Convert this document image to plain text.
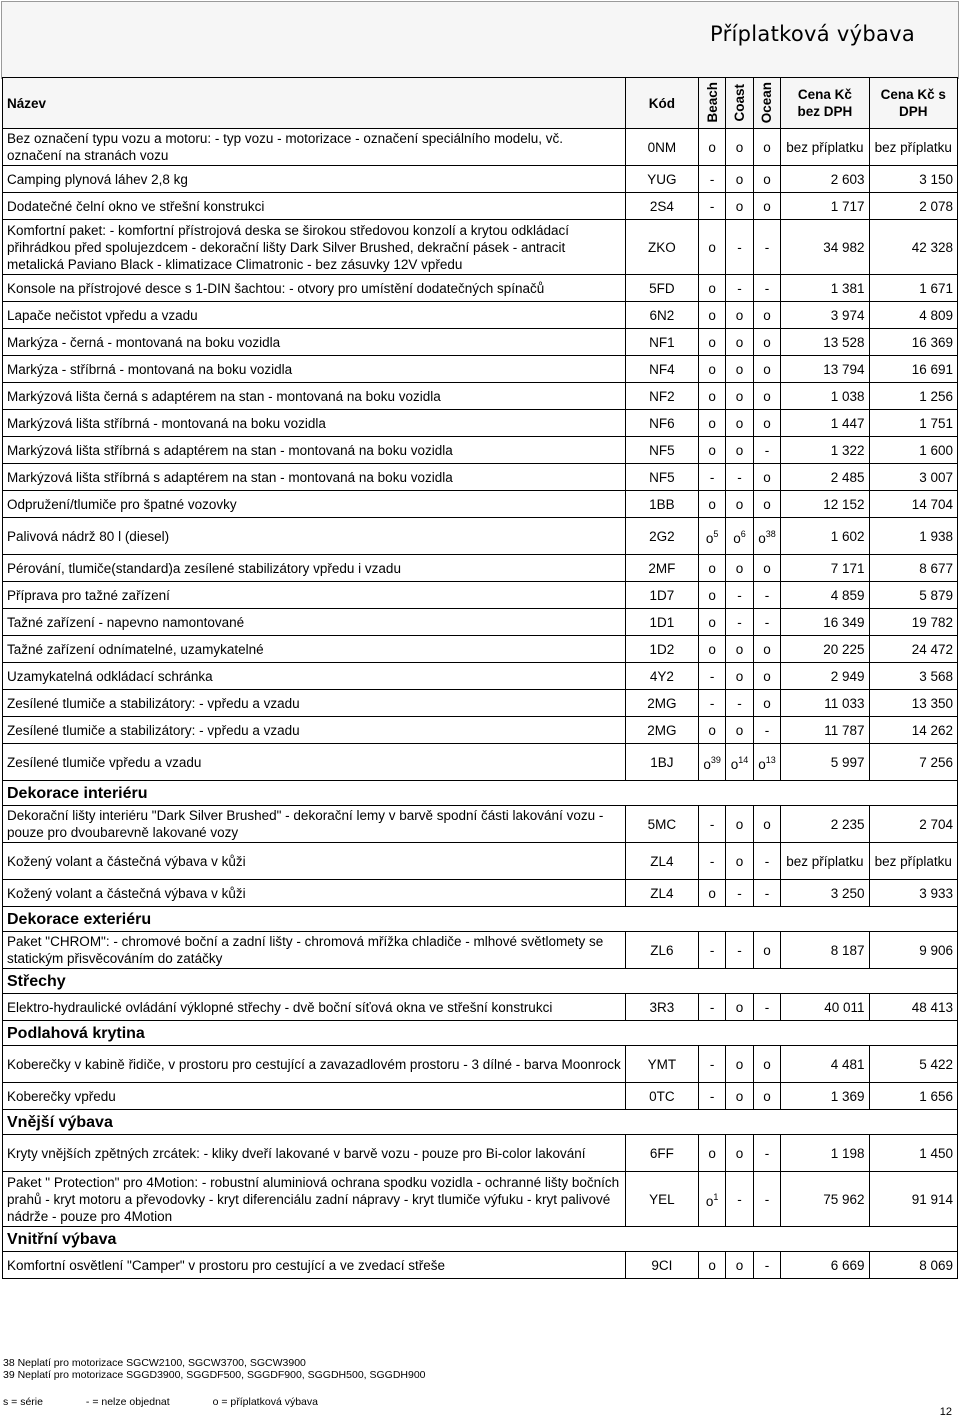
Příplatková výbava
Název	Kód	Beach	Coast	Ocean	Cena Kč bez DPH	Cena Kč s DPH
Bez označení typu vozu a motoru: - typ vozu - motorizace - označení speciálního modelu, vč. označení na stranách vozu	0NM	o	o	o	bez příplatku	bez příplatku
Camping plynová láhev 2,8 kg	YUG	-	o	o	2 603	3 150
Dodatečné čelní okno ve střešní konstrukci	2S4	-	o	o	1 717	2 078
Komfortní paket: - komfortní přístrojová deska se širokou středovou konzolí a krytou odkládací přihrádkou před spolujezdcem - dekorační lišty Dark Silver Brushed, dekrační pásek - antracit metalická Paviano Black - klimatizace Climatronic - bez zásuvky 12V vpředu	ZKO	o	-	-	34 982	42 328
Konsole na přístrojové desce s 1-DIN šachtou: - otvory pro umístění dodatečných spínačů	5FD	o	-	-	1 381	1 671
Lapače nečistot vpředu a vzadu	6N2	o	o	o	3 974	4 809
Markýza - černá - montovaná na boku vozidla	NF1	o	o	o	13 528	16 369
Markýza - stříbrná - montovaná na boku vozidla	NF4	o	o	o	13 794	16 691
Markýzová lišta černá s adaptérem na stan - montovaná na boku vozidla	NF2	o	o	o	1 038	1 256
Markýzová lišta stříbrná - montovaná na boku vozidla	NF6	o	o	o	1 447	1 751
Markýzová lišta stříbrná s adaptérem na stan - montovaná na boku vozidla	NF5	o	o	-	1 322	1 600
Markýzová lišta stříbrná s adaptérem na stan - montovaná na boku vozidla	NF5	-	-	o	2 485	3 007
Odpružení/tlumiče pro špatné vozovky	1BB	o	o	o	12 152	14 704
Palivová nádrž 80 l (diesel)	2G2	$o^5$	$o^6$	$o^{38}$	1 602	1 938
Pérování, tlumiče(standard)a zesílené stabilizátory vpředu i vzadu	2MF	o	o	o	7 171	8 677
Příprava pro tažné zařízení	1D7	o	-	-	4 859	5 879
Tažné zařízení - napevno namontované	1D1	o	-	-	16 349	19 782
Tažné zařízení odnímatelné, uzamykatelné	1D2	o	o	o	20 225	24 472
Uzamykatelná odkládací schránka	4Y2	-	o	o	2 949	3 568
Zesílené tlumiče a stabilizátory: - vpředu a vzadu	2MG	-	-	o	11 033	13 350
Zesílené tlumiče a stabilizátory: - vpředu a vzadu	2MG	o	o	-	11 787	14 262
Zesílené tlumiče vpředu a vzadu	1BJ	$o^{39}$	$o^{14}$	$o^{13}$	5 997	7 256
Dekorace interiéru						
Dekorační lišty interiéru "Dark Silver Brushed" - dekorační lemy v barvě spodní části lakování vozu - pouze pro dvoubarevně lakované vozy	5MC	-	o	o	2 235	2 704
Kožený volant a částečná výbava v kůži	ZL4	-	o	-	bez příplatku	bez příplatku
Kožený volant a částečná výbava v kůži	ZL4	o	-	-	3 250	3 933
Dekorace exteriéru						
Paket "CHROM": - chromové boční a zadní lišty - chromová mřížka chladiče - mlhové světlomety se statickým přisvěcováním do zatáčky	ZL6	-	-	o	8 187	9 906
Střechy						
Elektro-hydraulické ovládání výklopné střechy - dvě boční síťová okna ve střešní konstrukci	3R3	-	o	-	40 011	48 413
Podlahová krytina						
Koberečky v kabině řidiče, v prostoru pro cestující a zavazadlovém prostoru - 3 dílné - barva Moonrock	YMT	-	o	o	4 481	5 422
Koberečky vpředu	0TC	-	o	o	1 369	1 656
Vnější výbava						
Kryty vnějších zpětných zrcátek: - kliky dveří lakované v barvě vozu - pouze pro Bi-color lakování	6FF	o	o	-	1 198	1 450
Paket " Protection" pro 4Motion: - robustní aluminiová ochrana spodku vozidla - ochranné lišty bočních prahů - kryt motoru a převodovky - kryt diferenciálu zadní nápravy - kryt tlumiče výfuku - kryt palivové nádrže - pouze pro 4Motion	YEL	$o^1$	-	-	75 962	91 914
Vnitřní výbava						
Komfortní osvětlení "Camper" v prostoru pro cestující a ve zvedací střeše	9CI	o	o	-	6 669	8 069
38 Neplatí pro motorizace SGCW2100, SGCW3700, SGCW3900
39 Neplatí pro motorizace SGGD3900, SGGDF500, SGGDF900, SGGDH500, SGGDH900
s = série	- = nelze objednat	o = příplatková výbava
12
